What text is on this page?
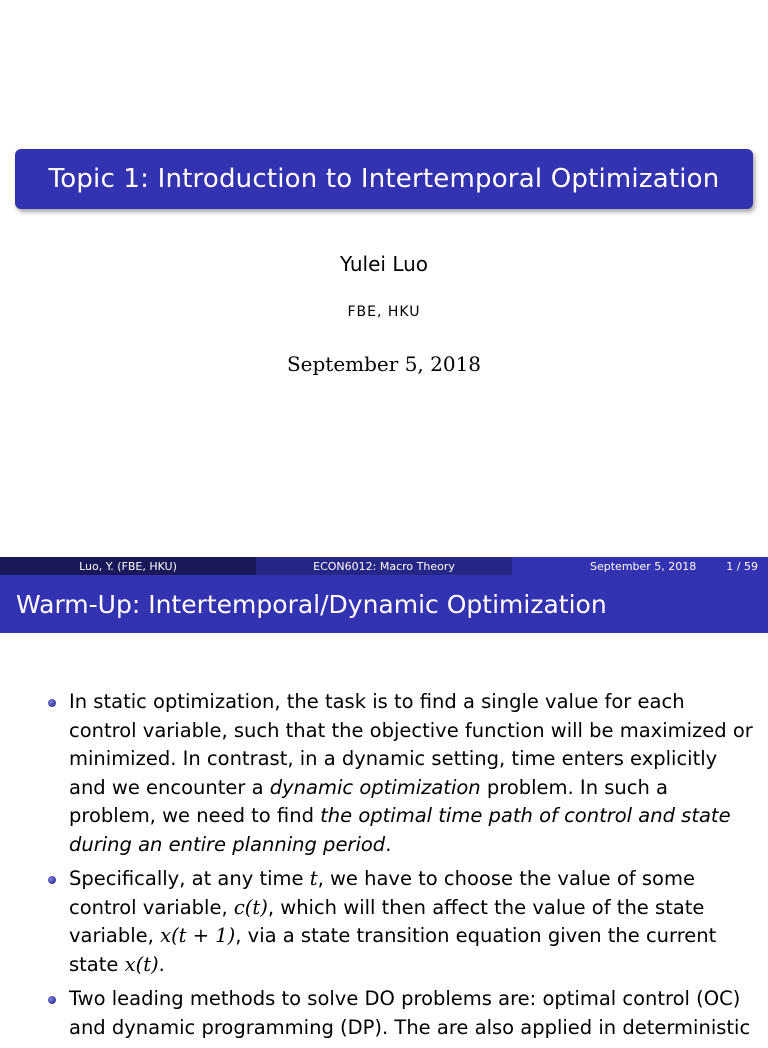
Topic 1: Introduction to Intertemporal Optimization
Yulei Luo
FBE, HKU
September 5, 2018
Luo, Y. (FBE, HKU)	ECON6012: Macro Theory	September 5, 2018	1 / 59
Warm-Up: Intertemporal/Dynamic Optimization
In static optimization, the task is to find a single value for each control variable, such that the objective function will be maximized or minimized. In contrast, in a dynamic setting, time enters explicitly and we encounter a dynamic optimization problem. In such a problem, we need to find the optimal time path of control and state during an entire planning period.
Specifically, at any time t, we have to choose the value of some control variable, c(t), which will then affect the value of the state variable, x(t + 1), via a state transition equation given the current state x(t).
Two leading methods to solve DO problems are: optimal control (OC) and dynamic programming (DP). The are also applied in deterministic
